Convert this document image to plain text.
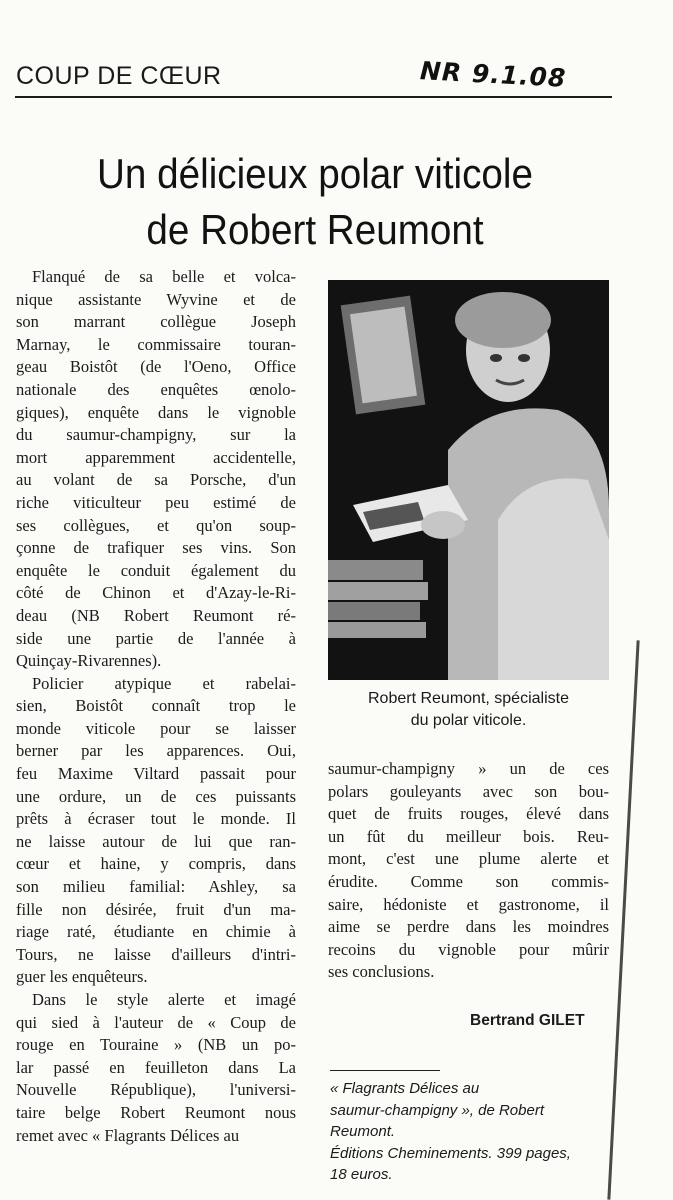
COUP DE CŒUR	NR 9.1.08
Un délicieux polar viticole
de Robert Reumont
Flanqué de sa belle et volca-
nique assistante Wyvine et de
son marrant collègue Joseph
Marnay, le commissaire touran-
geau Boistôt (de l'Oeno, Office
nationale des enquêtes œnolo-
giques), enquête dans le vignoble
du saumur-champigny, sur la
mort apparemment accidentelle,
au volant de sa Porsche, d'un
riche viticulteur peu estimé de
ses collègues, et qu'on soup-
çonne de trafiquer ses vins. Son
enquête le conduit également du
côté de Chinon et d'Azay-le-Ri-
deau (NB Robert Reumont ré-
side une partie de l'année à
Quinçay-Rivarennes).
Policier atypique et rabelai-
sien, Boistôt connaît trop le
monde viticole pour se laisser
berner par les apparences. Oui,
feu Maxime Viltard passait pour
une ordure, un de ces puissants
prêts à écraser tout le monde. Il
ne laisse autour de lui que ran-
cœur et haine, y compris, dans
son milieu familial: Ashley, sa
fille non désirée, fruit d'un ma-
riage raté, étudiante en chimie à
Tours, ne laisse d'ailleurs d'intri-
guer les enquêteurs.
Dans le style alerte et imagé
qui sied à l'auteur de « Coup de
rouge en Touraine » (NB un po-
lar passé en feuilleton dans La
Nouvelle République), l'universi-
taire belge Robert Reumont nous
remet avec « Flagrants Délices au
Robert Reumont, spécialiste
du polar viticole.
saumur-champigny » un de ces
polars gouleyants avec son bou-
quet de fruits rouges, élevé dans
un fût du meilleur bois. Reu-
mont, c'est une plume alerte et
érudite. Comme son commis-
saire, hédoniste et gastronome, il
aime se perdre dans les moindres
recoins du vignoble pour mûrir
ses conclusions.
Bertrand GILET
« Flagrants Délices au
saumur-champigny », de Robert
Reumont.
Éditions Cheminements. 399 pages,
18 euros.
